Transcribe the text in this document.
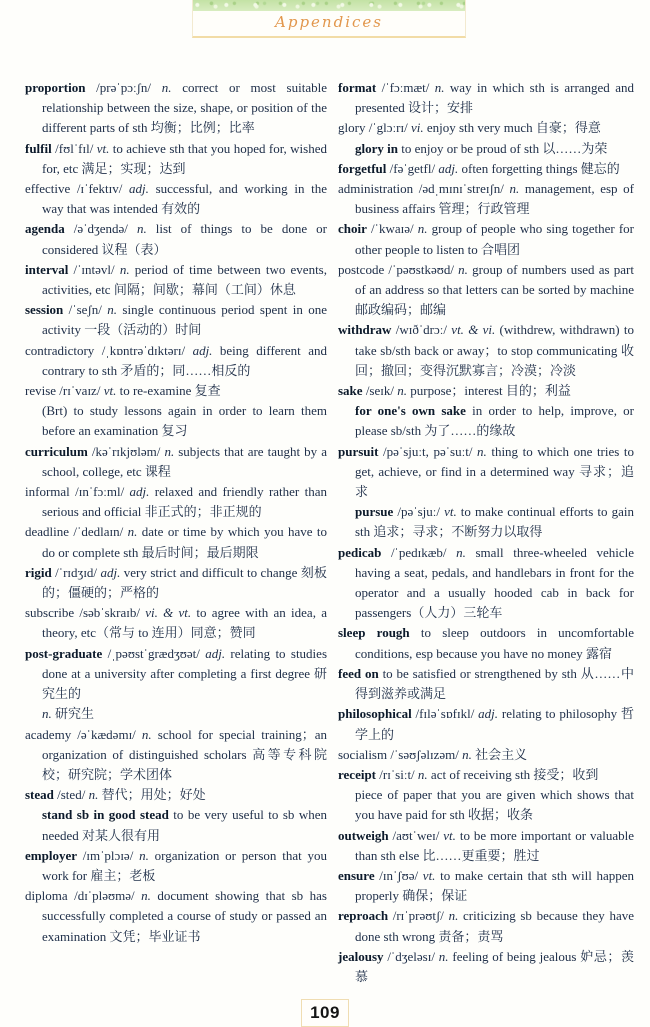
Appendices

proportion /prəˈpɔːʃn/ n. correct or most suitable relationship between the size, shape, or position of the different parts of sth 均衡；比例；比率

fulfil /fʊlˈfɪl/ vt. to achieve sth that you hoped for, wished for, etc 满足；实现；达到

effective /ɪˈfektɪv/ adj. successful, and working in the way that was intended 有效的

agenda /əˈdʒendə/ n. list of things to be done or considered 议程（表）

interval /ˈɪntəvl/ n. period of time between two events, activities, etc 间隔；间歇；幕间（工间）休息

session /ˈseʃn/ n. single continuous period spent in one activity 一段（活动的）时间

contradictory /ˌkɒntrəˈdɪktərɪ/ adj. being different and contrary to sth 矛盾的；同……相反的

revise /rɪˈvaɪz/ vt. to re-examine 复查

(Brt) to study lessons again in order to learn them before an examination 复习

curriculum /kəˈrɪkjʊləm/ n. subjects that are taught by a school, college, etc 课程

informal /ɪnˈfɔːml/ adj. relaxed and friendly rather than serious and official 非正式的；非正规的

deadline /ˈdedlaɪn/ n. date or time by which you have to do or complete sth 最后时间；最后期限

rigid /ˈrɪdʒɪd/ adj. very strict and difficult to change 刻板的；僵硬的；严格的

subscribe /səbˈskraɪb/ vi. & vt. to agree with an idea, a theory, etc（常与 to 连用）同意；赞同

post-graduate /ˌpəʊstˈgrædʒʊət/ adj. relating to studies done at a university after completing a first degree 研究生的

n. 研究生

academy /əˈkædəmɪ/ n. school for special training；an organization of distinguished scholars 高等专科院校；研究院；学术团体

stead /sted/ n. 替代；用处；好处

stand sb in good stead to be very useful to sb when needed 对某人很有用

employer /ɪmˈplɔɪə/ n. organization or person that you work for 雇主；老板

diploma /dɪˈpləʊmə/ n. document showing that sb has successfully completed a course of study or passed an examination 文凭；毕业证书

format /ˈfɔːmæt/ n. way in which sth is arranged and presented 设计；安排

glory /ˈglɔːrɪ/ vi. enjoy sth very much 自豪；得意

glory in to enjoy or be proud of sth 以……为荣

forgetful /fəˈgetfl/ adj. often forgetting things 健忘的

administration /ədˌmɪnɪˈstreɪʃn/ n. management, esp of business affairs 管理；行政管理

choir /ˈkwaɪə/ n. group of people who sing together for other people to listen to 合唱团

postcode /ˈpəʊstkəʊd/ n. group of numbers used as part of an address so that letters can be sorted by machine 邮政编码；邮编

withdraw /wɪðˈdrɔː/ vt. & vi. (withdrew, withdrawn) to take sb/sth back or away；to stop communicating 收回；撤回；变得沉默寡言；冷漠；冷淡

sake /seɪk/ n. purpose；interest 目的；利益

for one's own sake in order to help, improve, or please sb/sth 为了……的缘故

pursuit /pəˈsjuːt, pəˈsuːt/ n. thing to which one tries to get, achieve, or find in a determined way 寻求；追求

pursue /pəˈsjuː/ vt. to make continual efforts to gain sth 追求；寻求；不断努力以取得

pedicab /ˈpedɪkæb/ n. small three-wheeled vehicle having a seat, pedals, and handlebars in front for the operator and a usually hooded cab in back for passengers（人力）三轮车

sleep rough to sleep outdoors in uncomfortable conditions, esp because you have no money 露宿

feed on to be satisfied or strengthened by sth 从……中得到滋养或满足

philosophical /fɪləˈsɒfɪkl/ adj. relating to philosophy 哲学上的

socialism /ˈsəʊʃəlɪzəm/ n. 社会主义

receipt /rɪˈsiːt/ n. act of receiving sth 接受；收到

piece of paper that you are given which shows that you have paid for sth 收据；收条

outweigh /aʊtˈweɪ/ vt. to be more important or valuable than sth else 比……更重要；胜过

ensure /ɪnˈʃʊə/ vt. to make certain that sth will happen properly 确保；保证

reproach /rɪˈprəʊtʃ/ n. criticizing sb because they have done sth wrong 责备；责骂

jealousy /ˈdʒeləsɪ/ n. feeling of being jealous 妒忌；羡慕

109
